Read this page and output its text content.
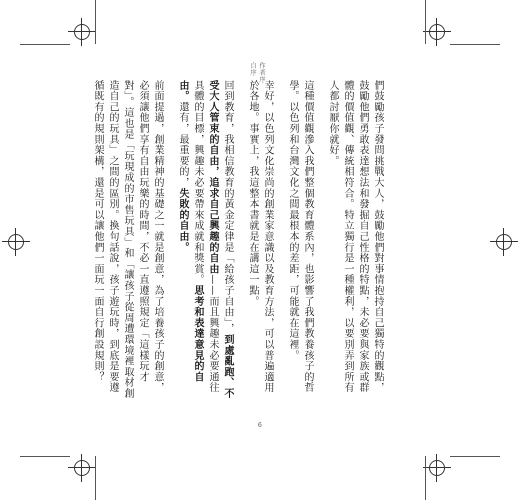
作者序
自序
們鼓勵孩子發問挑戰大人，鼓勵他們對事情抱持自己獨特的觀點，鼓勵他們勇敢表達想法和發掘自己性格的特點，未必要與家族或群體的價值觀、傳統相符合。特立獨行是一種權利，以要別弄到所有人都討厭你就好。
這種價值觀滲入我們整個教育體系內，也影響了我們教養孩子的哲學。以色列和台灣文化之間最根本的差距，可能就在這裡。
幸好，以色列文化崇尚的創業家意識以及教育方法，可以普遍適用於各地。事實上，我這整本書就是在講這一點。
回到教育，我相信教育的黃金定律是「給孩子自由」，到處亂跑、不受大人管束的自由，追求自己興趣的自由——而且興趣未必要通往具體的目標，興趣未必要帶來成就和獎賞。思考和表達意見的自由。還有，最重要的，失敗的自由。
前面提過，創業精神的基礎之一就是創意，為了培養孩子的創意，必須讓他們享有自由玩樂的時間，不必一直遵照規定「這樣玩才對」。這也是「玩現成的市售玩具」和「讓孩子從周遭環境裡取材創造自己的玩具」之間的區別。換句話說，孩子遊玩時，到底是要遵循既有的規則架構，還是可以讓他們一面玩一面自行創設規則？
6
